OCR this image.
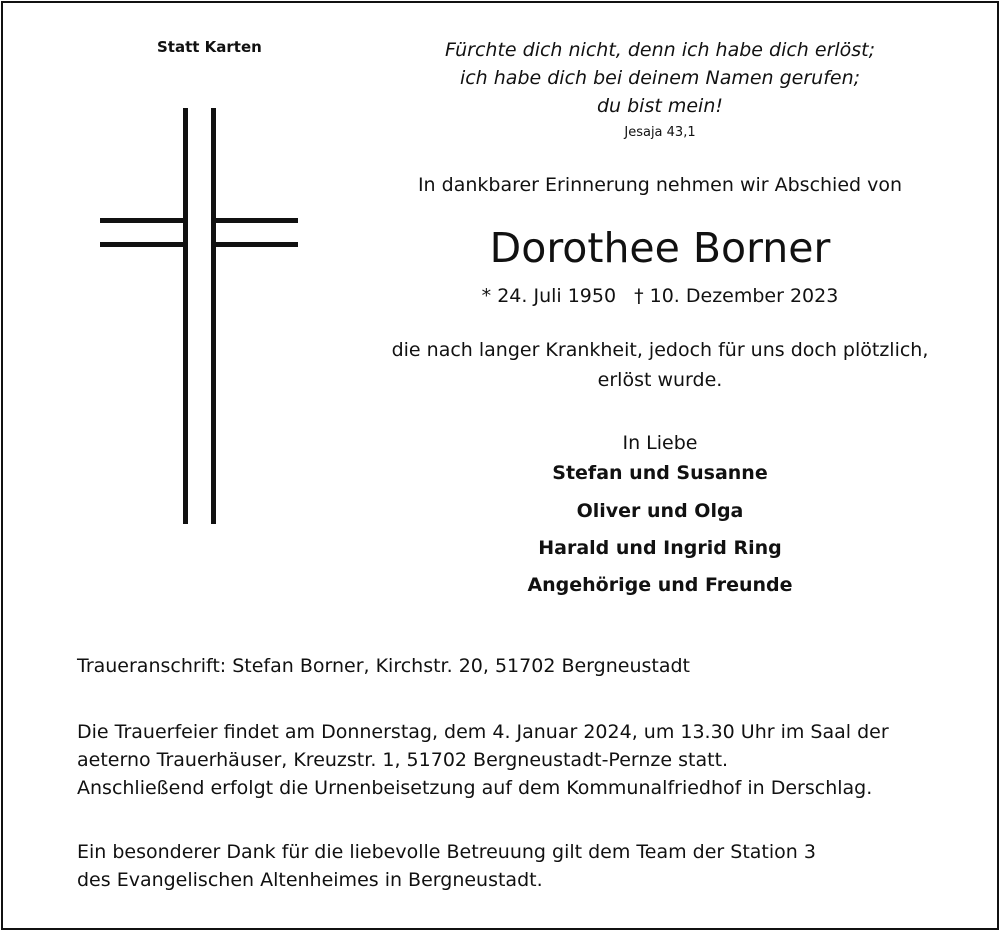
Statt Karten	Fürchte dich nicht, denn ich habe dich erlöst;
ich habe dich bei deinem Namen gerufen;
du bist mein!
Jesaja 43,1
In dankbarer Erinnerung nehmen wir Abschied von
Dorothee Borner
* 24. Juli 1950 † 10. Dezember 2023
die nach langer Krankheit, jedoch für uns doch plötzlich,
erlöst wurde.
In Liebe
Stefan und Susanne
Oliver und Olga
Harald und Ingrid Ring
Angehörige und Freunde
Traueranschrift: Stefan Borner, Kirchstr. 20, 51702 Bergneustadt
Die Trauerfeier findet am Donnerstag, dem 4. Januar 2024, um 13.30 Uhr im Saal der
aeterno Trauerhäuser, Kreuzstr. 1, 51702 Bergneustadt-Pernze statt.
Anschließend erfolgt die Urnenbeisetzung auf dem Kommunalfriedhof in Derschlag.
Ein besonderer Dank für die liebevolle Betreuung gilt dem Team der Station 3
des Evangelischen Altenheimes in Bergneustadt.
